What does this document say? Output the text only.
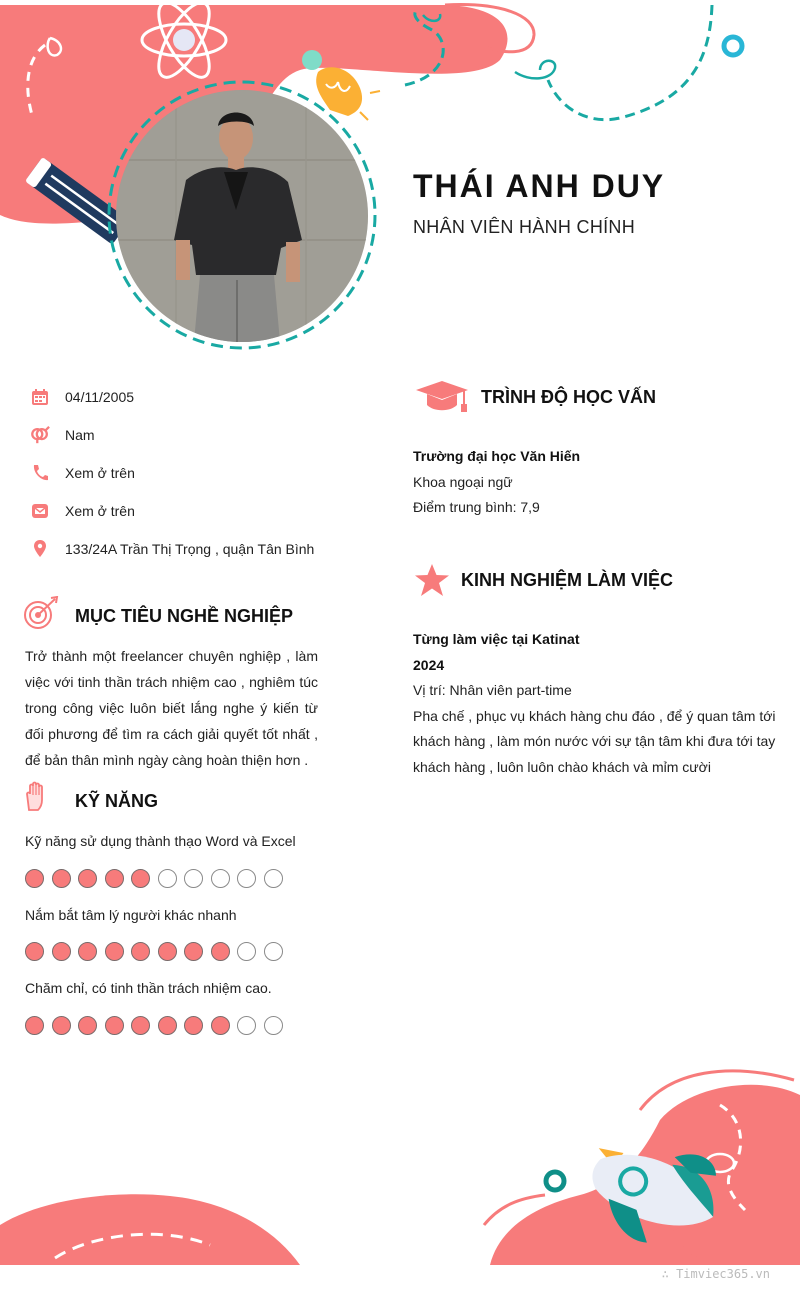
THÁI ANH DUY
NHÂN VIÊN HÀNH CHÍNH
04/11/2005
Nam
Xem ở trên
Xem ở trên
133/24A Trần Thị Trọng , quận Tân Bình
MỤC TIÊU NGHỀ NGHIỆP
Trở thành một freelancer chuyên nghiệp , làm việc với tinh thần trách nhiệm cao , nghiêm túc trong công việc luôn biết lắng nghe ý kiến từ đối phương để tìm ra cách giải quyết tốt nhất , để bản thân mình ngày càng hoàn thiện hơn .
KỸ NĂNG
Kỹ năng sử dụng thành thạo Word và Excel
Nắm bắt tâm lý người khác nhanh
Chăm chỉ, có tinh thần trách nhiệm cao.
TRÌNH ĐỘ HỌC VẤN
Trường đại học Văn Hiến
Khoa ngoại ngữ
Điểm trung bình: 7,9
KINH NGHIỆM LÀM VIỆC
Từng làm việc tại Katinat
2024
Vị trí: Nhân viên part-time
Pha chế , phục vụ khách hàng chu đáo , để ý quan tâm tới khách hàng , làm món nước với sự tận tâm khi đưa tới tay khách hàng , luôn luôn chào khách và mỉm cười
∴ Timviec365.vn
